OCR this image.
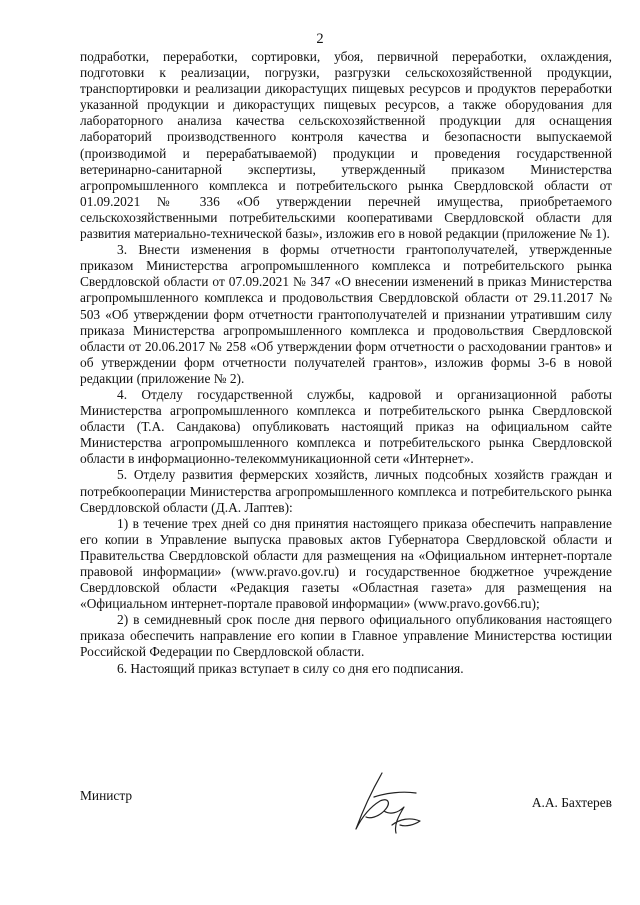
2

подработки, переработки, сортировки, убоя, первичной переработки, охлаждения, подготовки к реализации, погрузки, разгрузки сельскохозяйственной продукции, транспортировки и реализации дикорастущих пищевых ресурсов и продуктов переработки указанной продукции и дикорастущих пищевых ресурсов, а также оборудования для лабораторного анализа качества сельскохозяйственной продукции для оснащения лабораторий производственного контроля качества и безопасности выпускаемой (производимой и перерабатываемой) продукции и проведения государственной ветеринарно-санитарной экспертизы, утвержденный приказом Министерства агропромышленного комплекса и потребительского рынка Свердловской области от 01.09.2021 № 336 «Об утверждении перечней имущества, приобретаемого сельскохозяйственными потребительскими кооперативами Свердловской области для развития материально-технической базы», изложив его в новой редакции (приложение № 1).

3. Внести изменения в формы отчетности грантополучателей, утвержденные приказом Министерства агропромышленного комплекса и потребительского рынка Свердловской области от 07.09.2021 № 347 «О внесении изменений в приказ Министерства агропромышленного комплекса и продовольствия Свердловской области от 29.11.2017 № 503 «Об утверждении форм отчетности грантополучателей и признании утратившим силу приказа Министерства агропромышленного комплекса и продовольствия Свердловской области от 20.06.2017 № 258 «Об утверждении форм отчетности о расходовании грантов» и об утверждении форм отчетности получателей грантов», изложив формы 3-6 в новой редакции (приложение № 2).

4. Отделу государственной службы, кадровой и организационной работы Министерства агропромышленного комплекса и потребительского рынка Свердловской области (Т.А. Сандакова) опубликовать настоящий приказ на официальном сайте Министерства агропромышленного комплекса и потребительского рынка Свердловской области в информационно-телекоммуникационной сети «Интернет».

5. Отделу развития фермерских хозяйств, личных подсобных хозяйств граждан и потребкооперации Министерства агропромышленного комплекса и потребительского рынка Свердловской области (Д.А. Лаптев):

1) в течение трех дней со дня принятия настоящего приказа обеспечить направление его копии в Управление выпуска правовых актов Губернатора Свердловской области и Правительства Свердловской области для размещения на «Официальном интернет-портале правовой информации» (www.pravo.gov.ru) и государственное бюджетное учреждение Свердловской области «Редакция газеты «Областная газета» для размещения на «Официальном интернет-портале правовой информации» (www.pravo.gov66.ru);

2) в семидневный срок после дня первого официального опубликования настоящего приказа обеспечить направление его копии в Главное управление Министерства юстиции Российской Федерации по Свердловской области.

6. Настоящий приказ вступает в силу со дня его подписания.

Министр	А.А. Бахтерев
